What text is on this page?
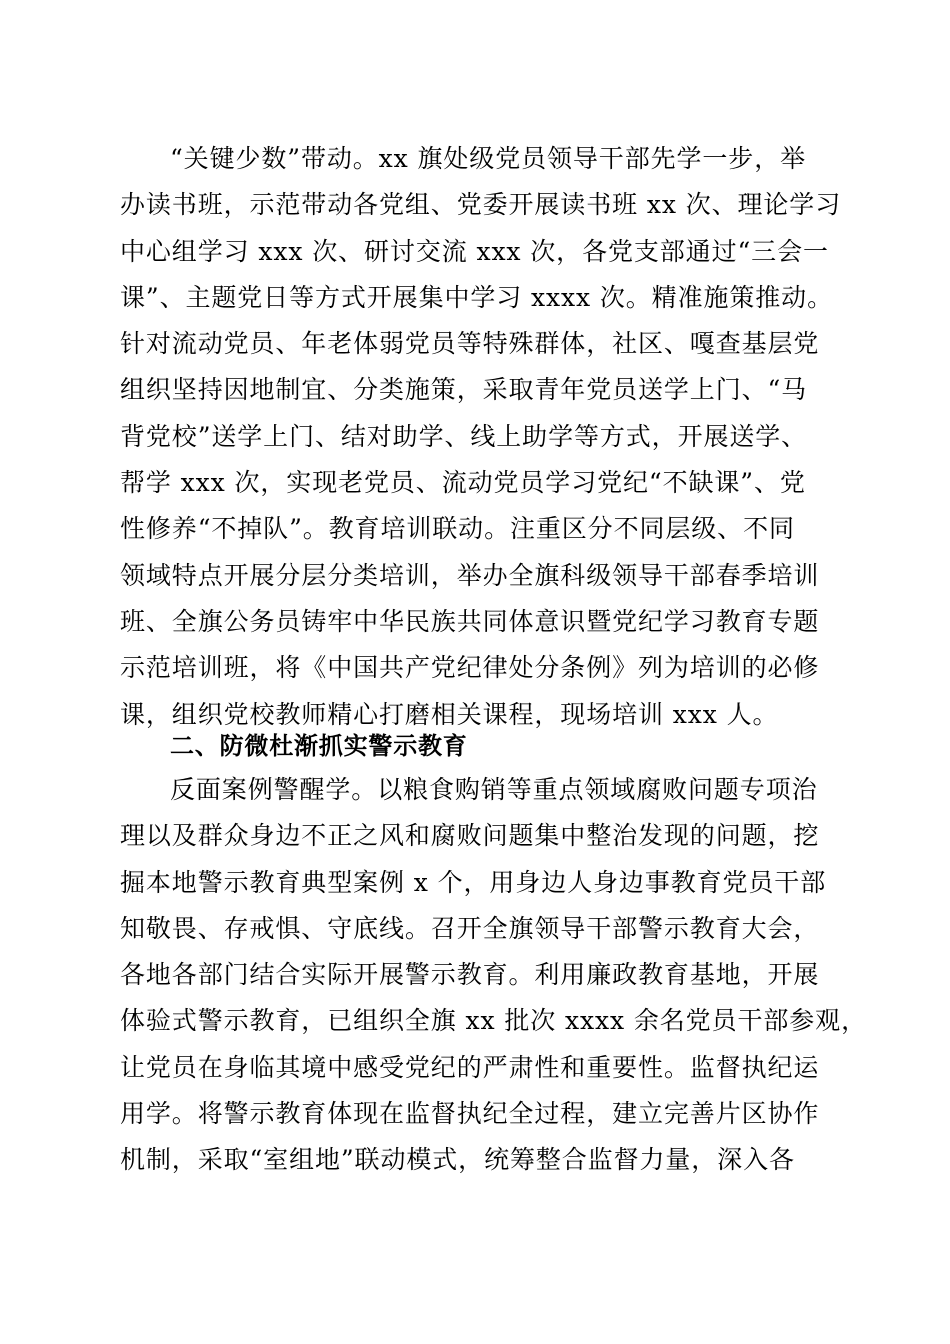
“关键少数”带动。xx 旗处级党员领导干部先学一步，举
办读书班，示范带动各党组、党委开展读书班 xx 次、理论学习
中心组学习 xxx 次、研讨交流 xxx 次，各党支部通过“三会一
课”、主题党日等方式开展集中学习 xxxx 次。精准施策推动。
针对流动党员、年老体弱党员等特殊群体，社区、嘎查基层党
组织坚持因地制宜、分类施策，采取青年党员送学上门、“马
背党校”送学上门、结对助学、线上助学等方式，开展送学、
帮学 xxx 次，实现老党员、流动党员学习党纪“不缺课”、党
性修养“不掉队”。教育培训联动。注重区分不同层级、不同
领域特点开展分层分类培训，举办全旗科级领导干部春季培训
班、全旗公务员铸牢中华民族共同体意识暨党纪学习教育专题
示范培训班，将《中国共产党纪律处分条例》列为培训的必修
课，组织党校教师精心打磨相关课程，现场培训 xxx 人。
二、防微杜渐抓实警示教育
反面案例警醒学。以粮食购销等重点领域腐败问题专项治
理以及群众身边不正之风和腐败问题集中整治发现的问题，挖
掘本地警示教育典型案例 x 个，用身边人身边事教育党员干部
知敬畏、存戒惧、守底线。召开全旗领导干部警示教育大会，
各地各部门结合实际开展警示教育。利用廉政教育基地，开展
体验式警示教育，已组织全旗 xx 批次 xxxx 余名党员干部参观，
让党员在身临其境中感受党纪的严肃性和重要性。监督执纪运
用学。将警示教育体现在监督执纪全过程，建立完善片区协作
机制，采取“室组地”联动模式，统筹整合监督力量，深入各
